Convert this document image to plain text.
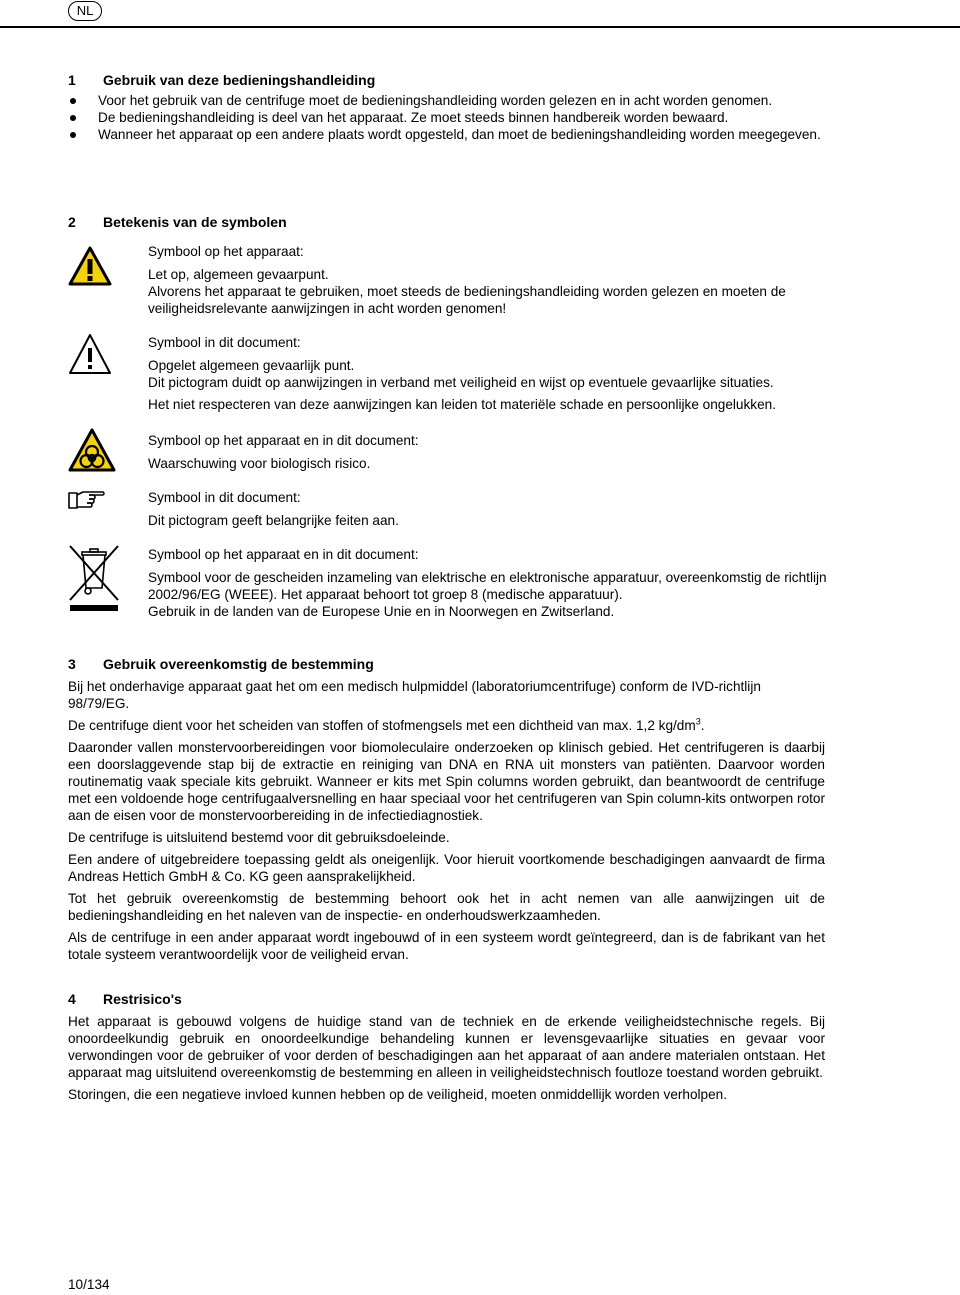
NL
1 Gebruik van deze bedieningshandleiding
Voor het gebruik van de centrifuge moet de bedieningshandleiding worden gelezen en in acht worden genomen.
De bedieningshandleiding is deel van het apparaat. Ze moet steeds binnen handbereik worden bewaard.
Wanneer het apparaat op een andere plaats wordt opgesteld, dan moet de bedieningshandleiding worden meegegeven.
2 Betekenis van de symbolen

Symbool op het apparaat:

Let op, algemeen gevaarpunt.

Alvorens het apparaat te gebruiken, moet steeds de bedieningshandleiding worden gelezen en moeten de veiligheidsrelevante aanwijzingen in acht worden genomen!

Symbool in dit document:

Opgelet algemeen gevaarlijk punt.

Dit pictogram duidt op aanwijzingen in verband met veiligheid en wijst op eventuele gevaarlijke situaties.

Het niet respecteren van deze aanwijzingen kan leiden tot materiële schade en persoonlijke ongelukken.

Symbool op het apparaat en in dit document:

Waarschuwing voor biologisch risico.

Symbool in dit document:

Dit pictogram geeft belangrijke feiten aan.

Symbool op het apparaat en in dit document:

Symbool voor de gescheiden inzameling van elektrische en elektronische apparatuur, overeenkomstig de richtlijn 2002/96/EG (WEEE). Het apparaat behoort tot groep 8 (medische apparatuur).

Gebruik in de landen van de Europese Unie en in Noorwegen en Zwitserland.

3 Gebruik overeenkomstig de bestemming

Bij het onderhavige apparaat gaat het om een medisch hulpmiddel (laboratoriumcentrifuge) conform de IVD-richtlijn 98/79/EG.

De centrifuge dient voor het scheiden van stoffen of stofmengsels met een dichtheid van max. 1,2 $kg/dm^3$.

Daaronder vallen monstervoorbereidingen voor biomoleculaire onderzoeken op klinisch gebied. Het centrifugeren is daarbij een doorslaggevende stap bij de extractie en reiniging van DNA en RNA uit monsters van patiënten. Daarvoor worden routinematig vaak speciale kits gebruikt. Wanneer er kits met Spin columns worden gebruikt, dan beantwoordt de centrifuge met een voldoende hoge centrifugaalversnelling en haar speciaal voor het centrifugeren van Spin column-kits ontworpen rotor aan de eisen voor de monstervoorbereiding in de infectiediagnostiek.

De centrifuge is uitsluitend bestemd voor dit gebruiksdoeleinde.

Een andere of uitgebreidere toepassing geldt als oneigenlijk. Voor hieruit voortkomende beschadigingen aanvaardt de firma Andreas Hettich GmbH & Co. KG geen aansprakelijkheid.

Tot het gebruik overeenkomstig de bestemming behoort ook het in acht nemen van alle aanwijzingen uit de bedieningshandleiding en het naleven van de inspectie- en onderhoudswerkzaamheden.

Als de centrifuge in een ander apparaat wordt ingebouwd of in een systeem wordt geïntegreerd, dan is de fabrikant van het totale systeem verantwoordelijk voor de veiligheid ervan.

4 Restrisico's

Het apparaat is gebouwd volgens de huidige stand van de techniek en de erkende veiligheidstechnische regels. Bij onoordeelkundig gebruik en onoordeelkundige behandeling kunnen er levensgevaarlijke situaties en gevaar voor verwondingen voor de gebruiker of voor derden of beschadigingen aan het apparaat of aan andere materialen ontstaan. Het apparaat mag uitsluitend overeenkomstig de bestemming en alleen in veiligheidstechnisch foutloze toestand worden gebruikt.

Storingen, die een negatieve invloed kunnen hebben op de veiligheid, moeten onmiddellijk worden verholpen.

10/134
